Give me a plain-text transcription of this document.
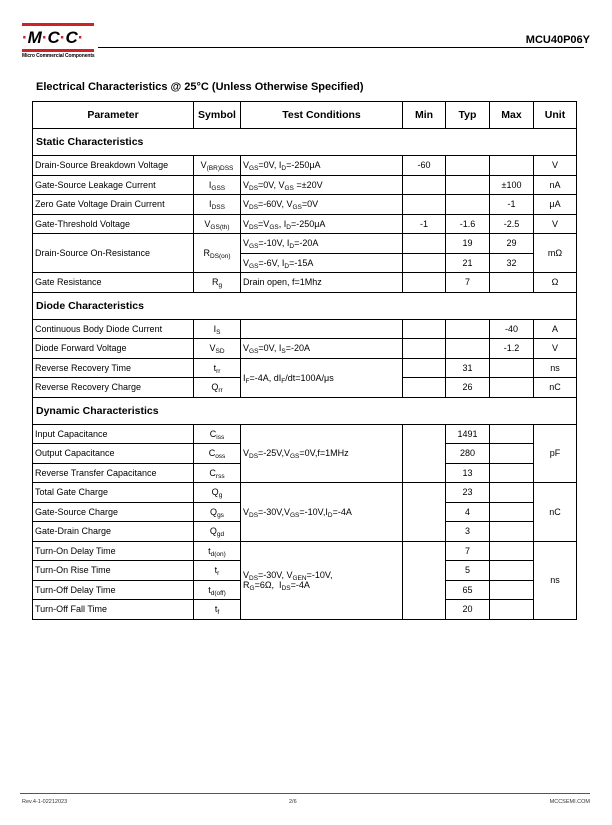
·M·C·C·
Micro Commercial Components
MCU40P06Y
Electrical Characteristics @ 25°C (Unless Otherwise Specified)
Parameter	Symbol	Test Conditions	Min	Typ	Max	Unit
Static Characteristics						
Drain-Source Breakdown Voltage	$V_{(BR)DSS}$	$V_{GS}=0V$, $I_D=-250\mu A$	-60			V
Gate-Source Leakage Current	$I_{GSS}$	$V_{DS}=0V$, $V_{GS} =\pm 20V$			±100	nA
Zero Gate Voltage Drain Current	$I_{DSS}$	$V_{DS}=-60V$, $V_{GS}=0V$			-1	μA
Gate-Threshold Voltage	$V_{GS(th)}$	$V_{DS}=V_{GS}$, $I_D=-250\mu A$	-1	-1.6	-2.5	V
Drain-Source On-Resistance	$R_{DS(on)}$	$V_{GS}=-10V$, $I_D=-20A$		19	29	mΩ
		$V_{GS}=-6V$, $I_D=-15A$		21	32	
Gate Resistance	$R_g$	Drain open, f=1Mhz		7		Ω
Diode Characteristics						
Continuous Body Diode Current	$I_S$				-40	A
Diode Forward Voltage	$V_{SD}$	$V_{GS}=0V$, $I_S=-20A$			-1.2	V
Reverse Recovery Time	$t_{rr}$	$I_F=-4A$, $dI_F/dt=100A/\mu s$		31		ns
Reverse Recovery Charge	$Q_{rr}$			26		nC
Dynamic Characteristics						
Input Capacitance	$C_{iss}$	$V_{DS}=-25V,V_{GS}=0V,f=1MHz$		1491		pF
Output Capacitance	$C_{oss}$			280		
Reverse Transfer Capacitance	$C_{rss}$			13		
Total Gate Charge	$Q_g$	$V_{DS}=-30V,V_{GS}=-10V,I_D=-4A$		23		nC
Gate-Source Charge	$Q_{gs}$			4		
Gate-Drain Charge	$Q_{gd}$			3		
Turn-On Delay Time	$t_{d(on)}$	$V_{DS}=-30V$, $V_{GEN}=-10V$,
$R_G=6\Omega$,  $I_{DS}=-4A$		7		ns
Turn-On Rise Time	$t_r$			5		
Turn-Off Delay Time	$t_{d(off)}$			65		
Turn-Off Fall Time	$t_f$			20		
Rev.4-1-02212023	2/6	MCCSEMI.COM
